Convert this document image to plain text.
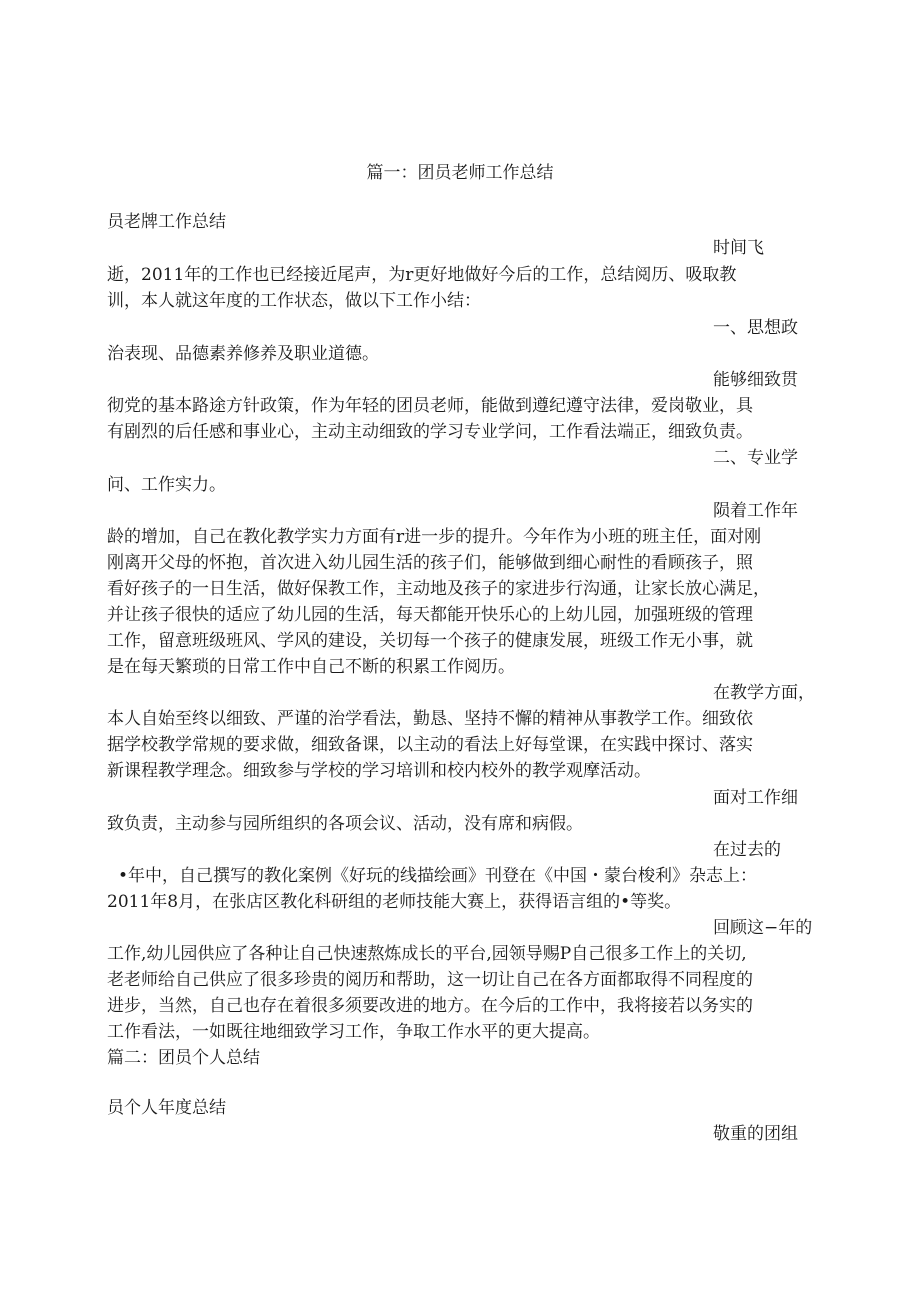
篇一：团员老师工作总结
员老牌工作总结
时间飞
逝，2011年的工作也已经接近尾声，为r更好地做好今后的工作，总结阅历、吸取教
训，本人就这年度的工作状态，做以下工作小结：
一、思想政
治表现、品德素养修养及职业道德。
能够细致贯
彻党的基本路途方针政策，作为年轻的团员老师，能做到遵纪遵守法律，爱岗敬业，具
有剧烈的后任感和事业心，主动主动细致的学习专业学问，工作看法端正，细致负责。
二、专业学
问、工作实力。
陨着工作年
龄的增加，自己在教化教学实力方面有r进一步的提升。今年作为小班的班主任，面对刚
刚离开父母的怀抱，首次进入幼儿园生活的孩子们，能够做到细心耐性的看顾孩子，照
看好孩子的一日生活，做好保教工作，主动地及孩子的家进步行沟通，让家长放心满足，
并让孩子很快的适应了幼儿园的生活，每天都能开快乐心的上幼儿园，加强班级的管理
工作，留意班级班风、学风的建设，关切每一个孩子的健康发展，班级工作无小事，就
是在每天繁琐的日常工作中自己不断的积累工作阅历。
在教学方面，
本人自始至终以细致、严谨的治学看法，勤恳、坚持不懈的精神从事教学工作。细致依
据学校教学常规的要求做，细致备课，以主动的看法上好每堂课，在实践中探讨、落实
新课程教学理念。细致参与学校的学习培训和校内校外的教学观摩活动。
面对工作细
致负责，主动参与园所组织的各项会议、活动，没有席和病假。
在过去的
•年中，自己撰写的教化案例《好玩的线描绘画》刊登在《中国・蒙台梭利》杂志上：
2011年8月，在张店区教化科研组的老师技能大赛上，获得语言组的•等奖。
回顾这−年的
工作,幼儿园供应了各种让自己快速熬炼成长的平台,园领导赐P自己很多工作上的关切,
老老师给自己供应了很多珍贵的阅历和帮助，这一切让自己在各方面都取得不同程度的
进步，当然，自己也存在着很多须要改进的地方。在今后的工作中，我将接若以务实的
工作看法，一如既往地细致学习工作，争取工作水平的更大提高。
篇二：团员个人总结
员个人年度总结
敬重的团组
